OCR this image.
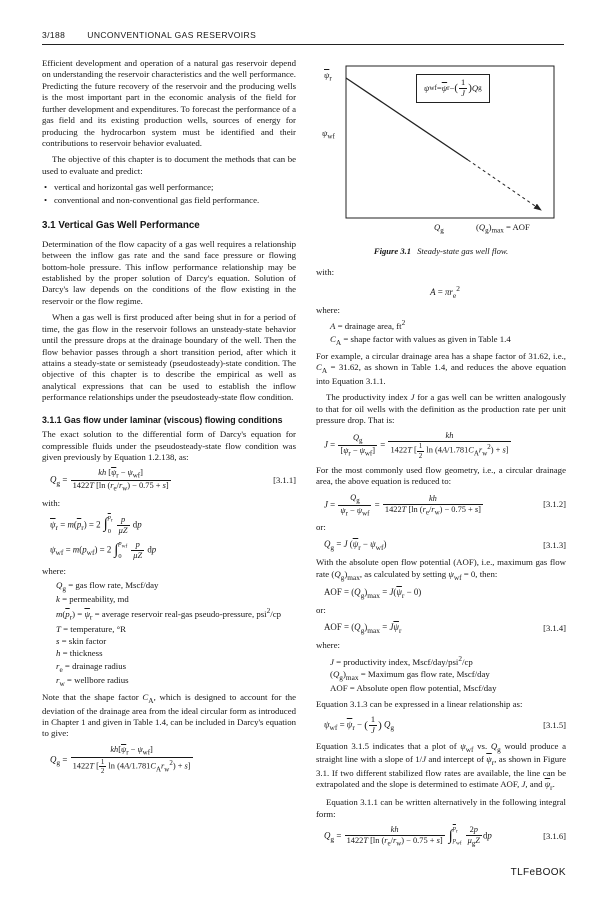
3/188	UNCONVENTIONAL GAS RESERVOIRS

Efficient development and operation of a natural gas reservoir depend on understanding the reservoir characteristics and the well performance. Predicting the future recovery of the reservoir and the producing wells is the most important part in the economic analysis of the field for further development and expenditures. To forecast the performance of a gas field and its existing production wells, sources of energy for producing the hydrocarbon system must be identified and their contributions to reservoir behavior evaluated.

The objective of this chapter is to document the methods that can be used to evaluate and predict:

• vertical and horizontal gas well performance;
• conventional and non-conventional gas field performance.
3.1 Vertical Gas Well Performance

Determination of the flow capacity of a gas well requires a relationship between the inflow gas rate and the sand face pressure or flowing bottom-hole pressure. This inflow performance relationship may be established by the proper solution of Darcy's equation. Solution of Darcy's law depends on the conditions of the flow existing in the reservoir or the flow regime.

When a gas well is first produced after being shut in for a period of time, the gas flow in the reservoir follows an unsteady-state behavior until the pressure drops at the drainage boundary of the well. Then the flow behavior passes through a short transition period, after which it attains a steady-state or semisteady (pseudosteady)-state condition. The objective of this chapter is to describe the empirical as well as analytical expressions that can be used to establish the inflow performance relationships under the pseudosteady-state flow condition.

3.1.1 Gas flow under laminar (viscous) flowing conditions

The exact solution to the differential form of Darcy's equation for compressible fluids under the pseudosteady-state flow condition was given previously by Equation 1.2.138, as:

$Q_g = \frac{kh [\overline{\psi}_r - \psi_{wf}]}{1422T [\ln (r_e/r_w) - 0.75 + s]}$	[3.1.1]

with:

$\overline{\psi}_r = m(\overline{p}_r) = 2$ ∫ $\overline{p}_r$
$0 \frac{p}{\mu Z}$ dp
$\psi_{wf} = m(p_{wf}) = 2$ ∫ $p_{wf}$
0	$\frac{p}{\mu Z}$ dp

where:

$Q_g$ = gas flow rate, Mscf/day
k = permeability, md
$m(\overline{p}_r) = \overline{\psi}_r$ = average reservoir real-gas pseudo-pressure, psi$^2$/cp
T = temperature, °R
s = skin factor
h = thickness
$r_e$ = drainage radius
$r_w$ = wellbore radius

Note that the shape factor $C_A$, which is designed to account for the deviation of the drainage area from the ideal circular form as introduced in Chapter 1 and given in Table 1.4, can be included in Darcy's equation to give:

$Q_g = \frac{kh[\overline{\psi}_r - \psi_{wf}]}{1422T [ \frac{1}{2} \ln (4A/1.781C_Ar_w^2) + s]}$
$\overline{\psi}_r$
$\psi_{wf}$
ψ wf = $\overline{\psi}$ r − ( $\frac{1}{J}$ ) Q g
$Q_g$	$(Q_g)_{max}$ = AOF
Figure 3.1 Steady-state gas well flow.

with:

$A = \pi r_e^2$

where:

A = drainage area, $ft^2$
$C_A$ = shape factor with values as given in Table 1.4

For example, a circular drainage area has a shape factor of 31.62, i.e., $C_A = 31.62$, as shown in Table 1.4, and reduces the above equation into Equation 3.1.1.

The productivity index J for a gas well can be written analogously to that for oil wells with the definition as the production rate per unit pressure drop. That is:

$J = \frac{Q_g}{[\overline{\psi}_r - \psi_{wf}]} = \frac{kh}{1422T [ \frac{1}{2} \ln (4A/1.781C_Ar_w^2) + s]}$

For the most commonly used flow geometry, i.e., a circular drainage area, the above equation is reduced to:

$J = \frac{Q_g}{\overline{\psi}_r - \psi_{wf}} = \frac{kh}{1422T [\ln (r_e/r_w) - 0.75 + s]}$	[3.1.2]

or:

$Q_g = J$ $(\overline{\psi}_r - \psi_{wf})$	[3.1.3]

With the absolute open flow potential (AOF), i.e., maximum gas flow rate $(Q_g)_{max}$, as calculated by setting $\psi_{wf} = 0$, then:

AOF = $(Q_g)_{max} = J(\overline{\psi}_r - 0)$

or:

AOF = $(Q_g)_{max} = J\overline{\psi}_r$	[3.1.4]

where:

J = productivity index, Mscf/day/psi$^2$/cp
$(Q_g)_{max}$ = Maximum gas flow rate, Mscf/day
AOF = Absolute open flow potential, Mscf/day

Equation 3.1.3 can be expressed in a linear relationship as:

$\psi_{wf} = \overline{\psi}_r$ − ( $\frac{1}{J}$ ) $Q_g$	[3.1.5]

Equation 3.1.5 indicates that a plot of $\psi_{wf}$ vs. $Q_g$ would produce a straight line with a slope of 1/J and intercept of $\overline{\psi}_r$, as shown in Figure 3.1. If two different stabilized flow rates are available, the line can be extrapolated and the slope is determined to estimate AOF, J, and $\overline{\psi}_r$.

Equation 3.1.1 can be written alternatively in the following integral form:

$Q_g = \frac{kh}{1422T [\ln (r_e/r_w) - 0.75 + s]}$ ∫ $\overline{p}_r$
$p_{wf} \frac{2p}{\mu_gZ}$ dp	[3.1.6]
TLFeBOOK
